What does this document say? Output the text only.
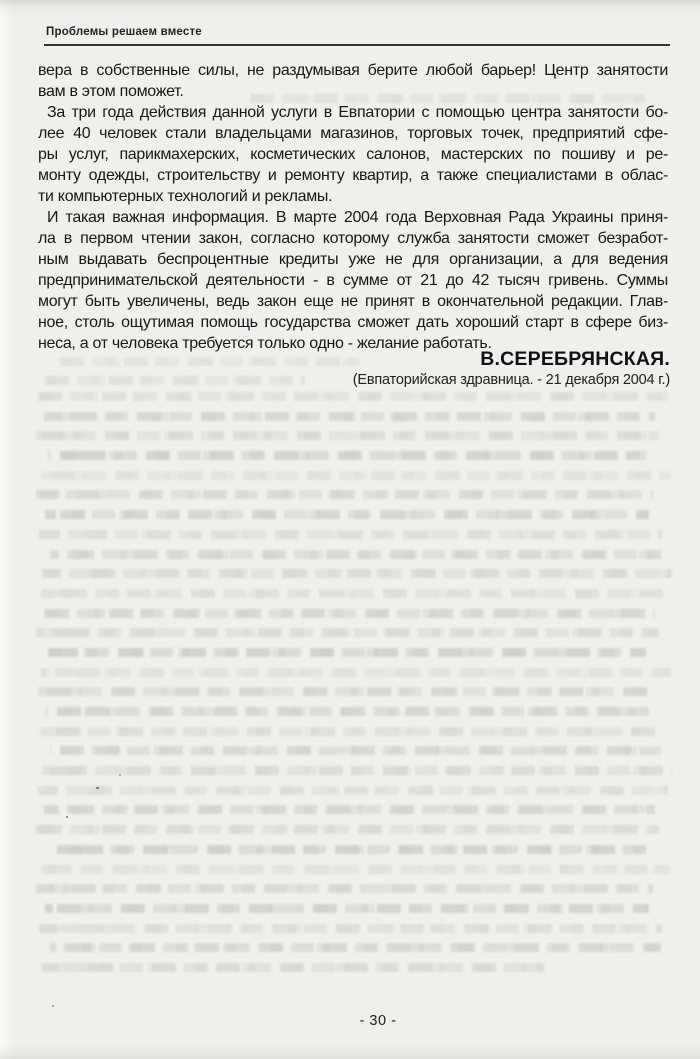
Проблемы решаем вместе
вера в собственные силы, не раздумывая берите любой барьер! Центр занятости
вам в этом поможет.
За три года действия данной услуги в Евпатории с помощью центра занятости бо-
лее 40 человек стали владельцами магазинов, торговых точек, предприятий сфе-
ры услуг, парикмахерских, косметических салонов, мастерских по пошиву и ре-
монту одежды, строительству и ремонту квартир, а также специалистами в облас-
ти компьютерных технологий и рекламы.
И такая важная информация. В марте 2004 года Верховная Рада Украины приня-
ла в первом чтении закон, согласно которому служба занятости сможет безработ-
ным выдавать беспроцентные кредиты уже не для организации, а для ведения
предпринимательской деятельности - в сумме от 21 до 42 тысяч гривень. Суммы
могут быть увеличены, ведь закон еще не принят в окончательной редакции. Глав-
ное, столь ощутимая помощь государства сможет дать хороший старт в сфере биз-
неса, а от человека требуется только одно - желание работать.
В.СЕРЕБРЯНСКАЯ.
(Евпаторийская здравница. - 21 декабря 2004 г.)
- 30 -
